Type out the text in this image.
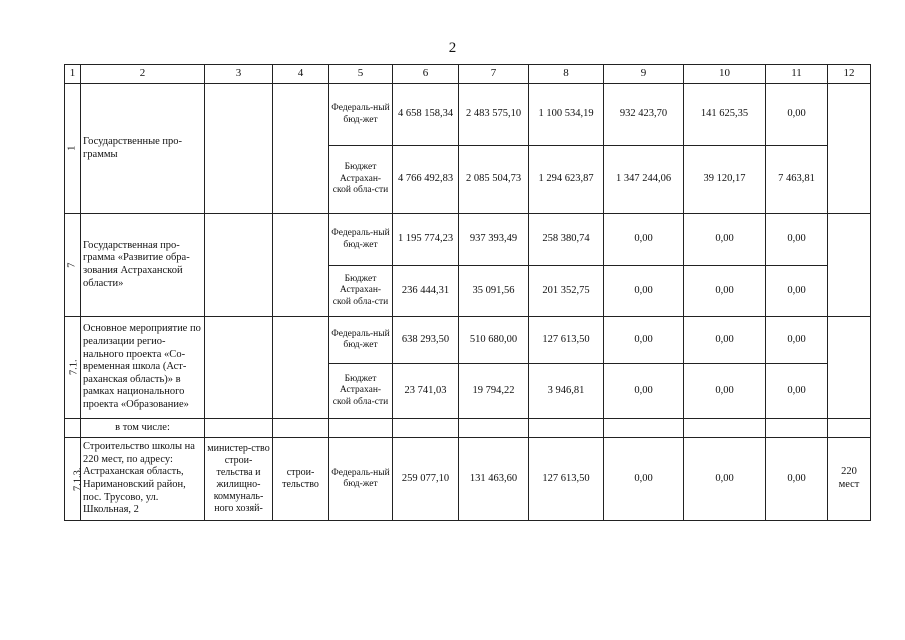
2
1	2	3	4	5	6	7	8	9	10	11	12
1	Государственные про-граммы			Федераль-ный бюд-жет	4 658 158,34	2 483 575,10	1 100 534,19	932 423,70	141 625,35	0,00	
				Бюджет Астрахан-ской обла-сти	4 766 492,83	2 085 504,73	1 294 623,87	1 347 244,06	39 120,17	7 463,81	
7	Государственная про-грамма «Развитие обра-зования Астраханской области»			Федераль-ный бюд-жет	1 195 774,23	937 393,49	258 380,74	0,00	0,00	0,00	
				Бюджет Астрахан-ской обла-сти	236 444,31	35 091,56	201 352,75	0,00	0,00	0,00	
7.1.	Основное мероприятие по реализации регио-нального проекта «Со-временная школа (Аст-раханская область)» в рамках национального проекта «Образование»			Федераль-ный бюд-жет	638 293,50	510 680,00	127 613,50	0,00	0,00	0,00	
				Бюджет Астрахан-ской обла-сти	23 741,03	19 794,22	3 946,81	0,00	0,00	0,00	
	в том числе:										
7.1.3.	Строительство школы на 220 мест, по адресу: Астраханская область, Наримановский район, пос. Трусово, ул. Школьная, 2	министер-ство строи-тельства и жилищно-коммуналь-ного хозяй-	строи-тельство	Федераль-ный бюд-жет	259 077,10	131 463,60	127 613,50	0,00	0,00	0,00	220 мест
